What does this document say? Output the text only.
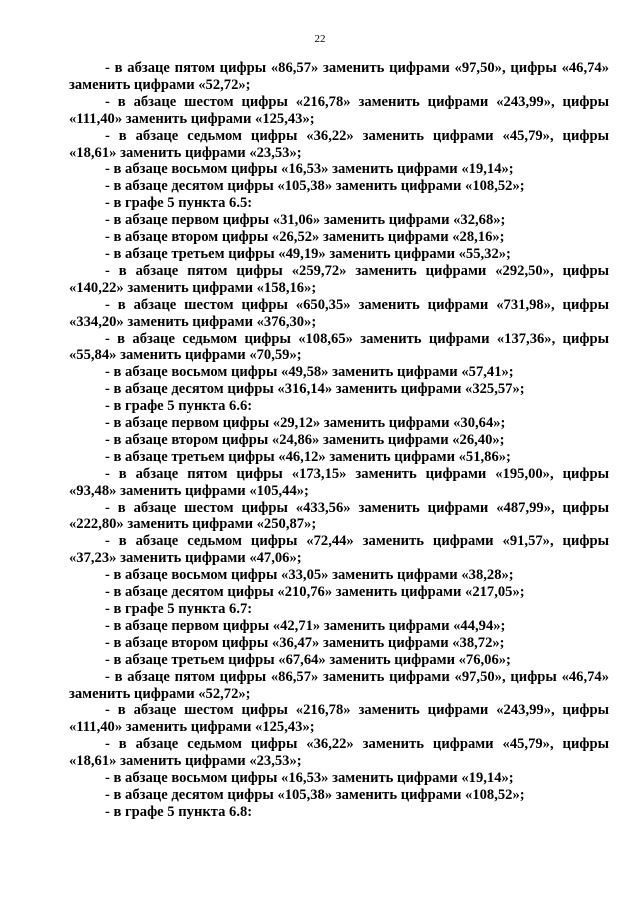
22

- в абзаце пятом цифры «86,57» заменить цифрами «97,50», цифры «46,74» заменить цифрами «52,72»;

- в абзаце шестом цифры «216,78» заменить цифрами «243,99», цифры «111,40» заменить цифрами «125,43»;

- в абзаце седьмом цифры «36,22» заменить цифрами «45,79», цифры «18,61» заменить цифрами «23,53»;

- в абзаце восьмом цифры «16,53» заменить цифрами «19,14»;

- в абзаце десятом цифры «105,38» заменить цифрами «108,52»;

- в графе 5 пункта 6.5:

- в абзаце первом цифры «31,06» заменить цифрами «32,68»;

- в абзаце втором цифры «26,52» заменить цифрами «28,16»;

- в абзаце третьем цифры «49,19» заменить цифрами «55,32»;

- в абзаце пятом цифры «259,72» заменить цифрами «292,50», цифры «140,22» заменить цифрами «158,16»;

- в абзаце шестом цифры «650,35» заменить цифрами «731,98», цифры «334,20» заменить цифрами «376,30»;

- в абзаце седьмом цифры «108,65» заменить цифрами «137,36», цифры «55,84» заменить цифрами «70,59»;

- в абзаце восьмом цифры «49,58» заменить цифрами «57,41»;

- в абзаце десятом цифры «316,14» заменить цифрами «325,57»;

- в графе 5 пункта 6.6:

- в абзаце первом цифры «29,12» заменить цифрами «30,64»;

- в абзаце втором цифры «24,86» заменить цифрами «26,40»;

- в абзаце третьем цифры «46,12» заменить цифрами «51,86»;

- в абзаце пятом цифры «173,15» заменить цифрами «195,00», цифры «93,48» заменить цифрами «105,44»;

- в абзаце шестом цифры «433,56» заменить цифрами «487,99», цифры «222,80» заменить цифрами «250,87»;

- в абзаце седьмом цифры «72,44» заменить цифрами «91,57», цифры «37,23» заменить цифрами «47,06»;

- в абзаце восьмом цифры «33,05» заменить цифрами «38,28»;

- в абзаце десятом цифры «210,76» заменить цифрами «217,05»;

- в графе 5 пункта 6.7:

- в абзаце первом цифры «42,71» заменить цифрами «44,94»;

- в абзаце втором цифры «36,47» заменить цифрами «38,72»;

- в абзаце третьем цифры «67,64» заменить цифрами «76,06»;

- в абзаце пятом цифры «86,57» заменить цифрами «97,50», цифры «46,74» заменить цифрами «52,72»;

- в абзаце шестом цифры «216,78» заменить цифрами «243,99», цифры «111,40» заменить цифрами «125,43»;

- в абзаце седьмом цифры «36,22» заменить цифрами «45,79», цифры «18,61» заменить цифрами «23,53»;

- в абзаце восьмом цифры «16,53» заменить цифрами «19,14»;

- в абзаце десятом цифры «105,38» заменить цифрами «108,52»;

- в графе 5 пункта 6.8:
